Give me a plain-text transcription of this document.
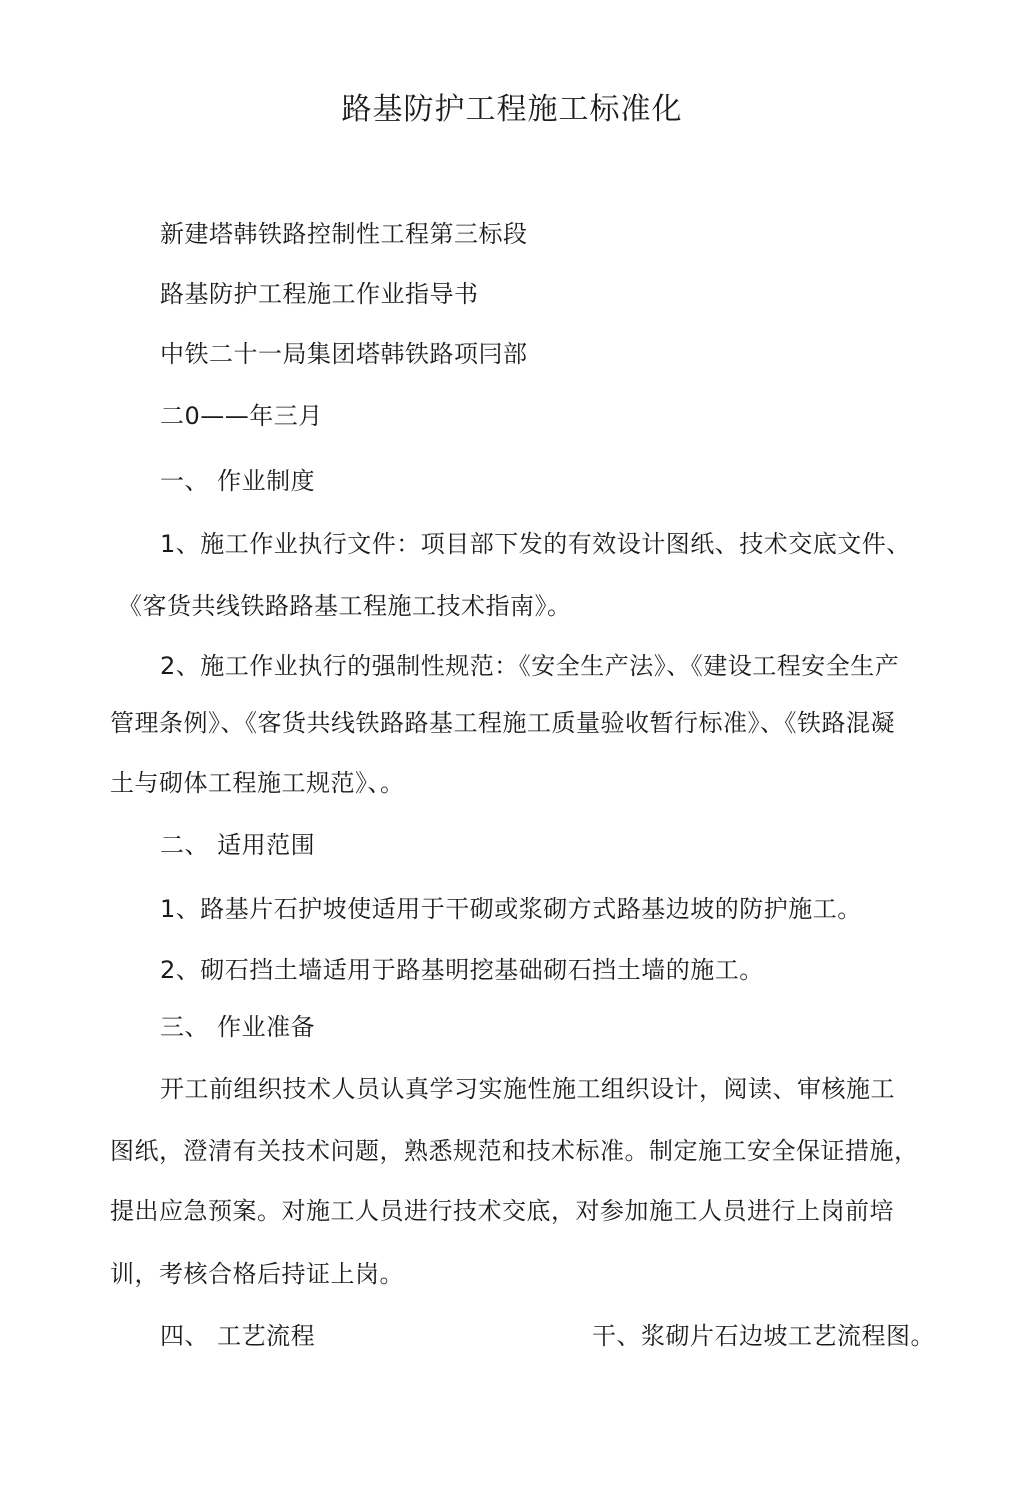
路基防护工程施工标准化
新建塔韩铁路控制性工程第三标段
路基防护工程施工作业指导书
中铁二十一局集团塔韩铁路项冃部
二0——年三月
一、 作业制度
1、施工作业执行文件：项目部下发的有效设计图纸、技术交底文件、
《客货共线铁路路基工程施工技术指南》。
2、施工作业执行的强制性规范：《安全生产法》、《建设工程安全生产
管理条例》、《客货共线铁路路基工程施工质量验收暂行标准》、《铁路混凝
土与砌体工程施工规范》、。
二、 适用范围
1、路基片石护坡使适用于干砌或浆砌方式路基边坡的防护施工。
2、砌石挡土墙适用于路基明挖基础砌石挡土墙的施工。
三、 作业准备
开工前组织技术人员认真学习实施性施工组织设计，阅读、审核施工
图纸，澄清有关技术问题，熟悉规范和技术标准。制定施工安全保证措施，
提出应急预案。对施工人员进行技术交底，对参加施工人员进行上岗前培
训，考核合格后持证上岗。
四、 工艺流程	干、浆砌片石边坡工艺流程图。
